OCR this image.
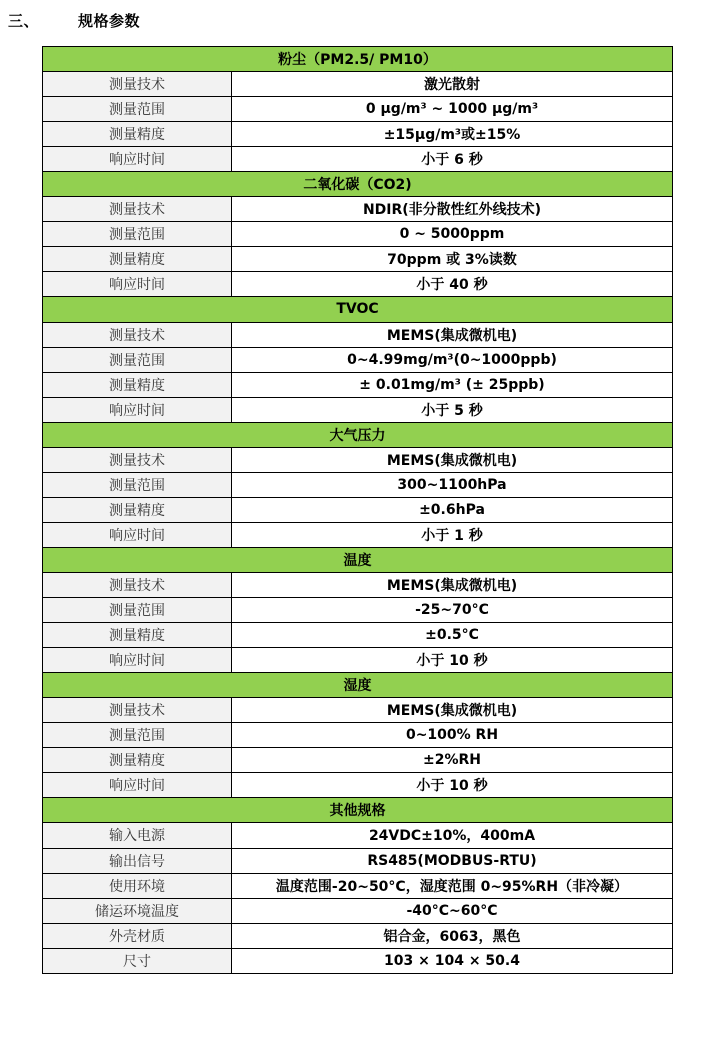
三、	规格参数
粉尘（PM2.5/ PM10）	
测量技术	激光散射
测量范围	0 μg/m³ ~ 1000 μg/m³
测量精度	±15μg/m³或±15%
响应时间	小于 6 秒
二氧化碳（CO2)	
测量技术	NDIR(非分散性红外线技术)
测量范围	0 ~ 5000ppm
测量精度	70ppm 或 3%读数
响应时间	小于 40 秒
TVOC	
测量技术	MEMS(集成微机电)
测量范围	0~4.99mg/m³(0~1000ppb)
测量精度	± 0.01mg/m³ (± 25ppb)
响应时间	小于 5 秒
大气压力	
测量技术	MEMS(集成微机电)
测量范围	300~1100hPa
测量精度	±0.6hPa
响应时间	小于 1 秒
温度	
测量技术	MEMS(集成微机电)
测量范围	-25~70°C
测量精度	±0.5°C
响应时间	小于 10 秒
湿度	
测量技术	MEMS(集成微机电)
测量范围	0~100% RH
测量精度	±2%RH
响应时间	小于 10 秒
其他规格	
输入电源	24VDC±10%，400mA
输出信号	RS485(MODBUS-RTU)
使用环境	温度范围-20~50°C，湿度范围 0~95%RH（非冷凝）
储运环境温度	-40°C~60°C
外壳材质	铝合金，6063，黑色
尺寸	103 × 104 × 50.4
